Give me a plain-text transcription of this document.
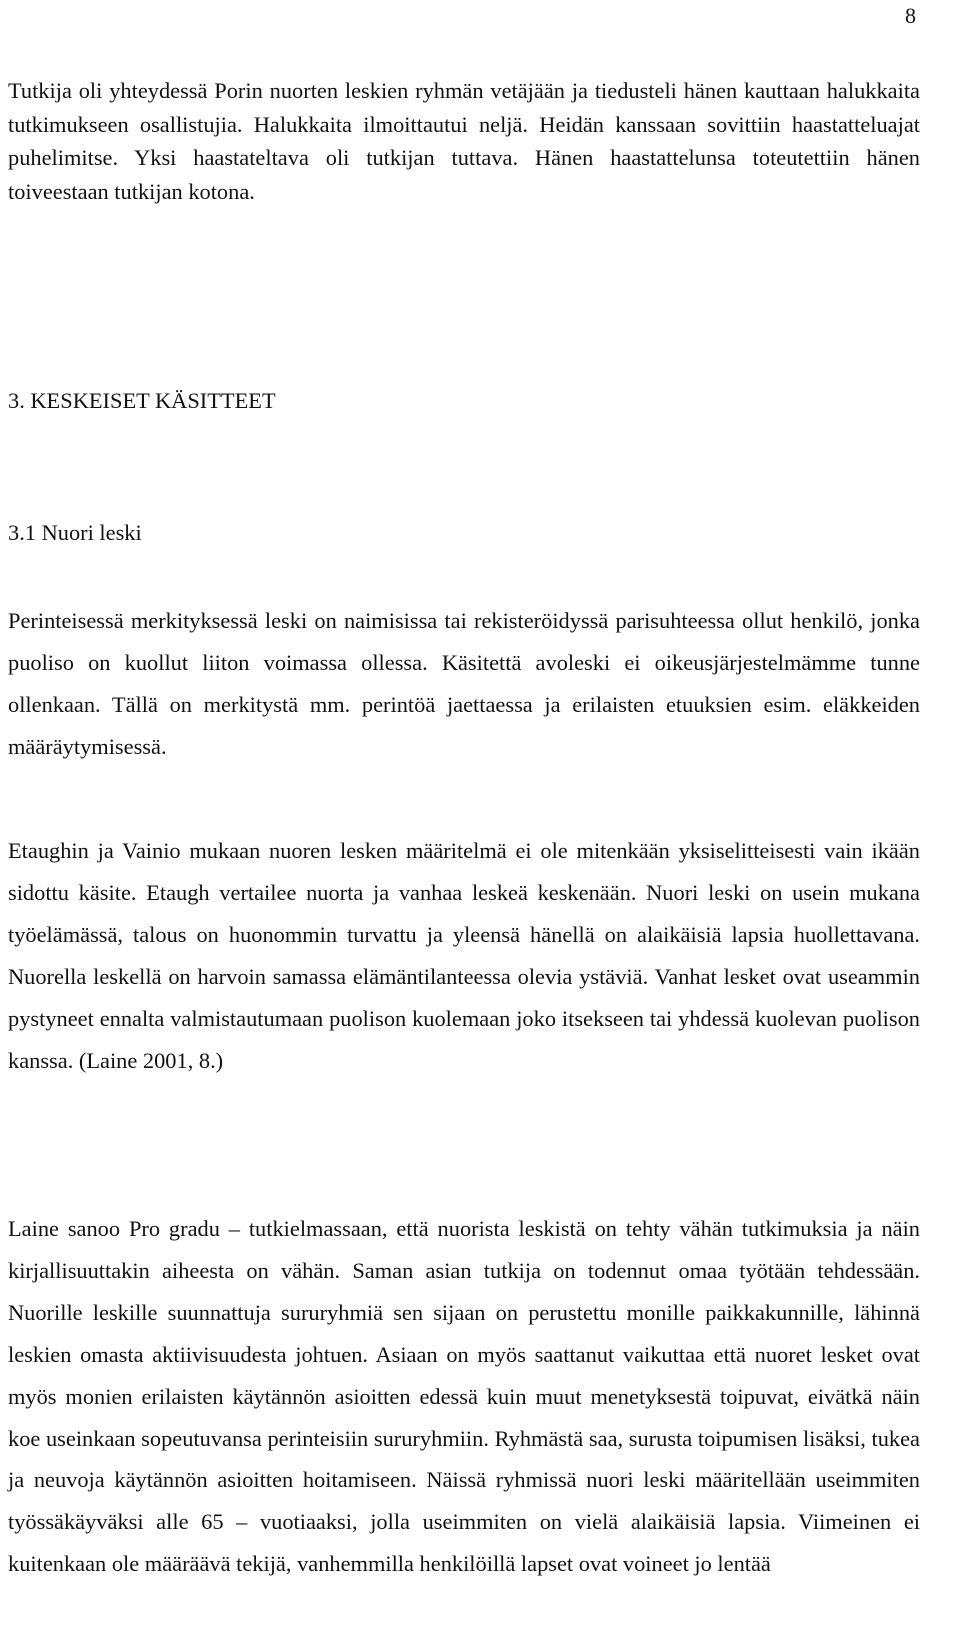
8

Tutkija oli yhteydessä Porin nuorten leskien ryhmän vetäjään ja tiedusteli hänen kauttaan halukkaita tutkimukseen osallistujia. Halukkaita ilmoittautui neljä. Heidän kanssaan sovittiin haastatteluajat puhelimitse. Yksi haastateltava oli tutkijan tuttava. Hänen haastattelunsa toteutettiin hänen toiveestaan tutkijan kotona.

3. KESKEISET KÄSITTEET
3.1 Nuori leski

Perinteisessä merkityksessä leski on naimisissa tai rekisteröidyssä parisuhteessa ollut henkilö, jonka puoliso on kuollut liiton voimassa ollessa. Käsitettä avoleski ei oikeusjärjestelmämme tunne ollenkaan. Tällä on merkitystä mm. perintöä jaettaessa ja erilaisten etuuksien esim. eläkkeiden määräytymisessä.

Etaughin ja Vainio mukaan nuoren lesken määritelmä ei ole mitenkään yksiselitteisesti vain ikään sidottu käsite. Etaugh vertailee nuorta ja vanhaa leskeä keskenään. Nuori leski on usein mukana työelämässä, talous on huonommin turvattu ja yleensä hänellä on alaikäisiä lapsia huollettavana. Nuorella leskellä on harvoin samassa elämäntilanteessa olevia ystäviä. Vanhat lesket ovat useammin pystyneet ennalta valmistautumaan puolison kuolemaan joko itsekseen tai yhdessä kuolevan puolison kanssa. (Laine 2001, 8.)

Laine sanoo Pro gradu – tutkielmassaan, että nuorista leskistä on tehty vähän tutkimuksia ja näin kirjallisuuttakin aiheesta on vähän. Saman asian tutkija on todennut omaa työtään tehdessään. Nuorille leskille suunnattuja sururyhmiä sen sijaan on perustettu monille paikkakunnille, lähinnä leskien omasta aktiivisuudesta johtuen. Asiaan on myös saattanut vaikuttaa että nuoret lesket ovat myös monien erilaisten käytännön asioitten edessä kuin muut menetyksestä toipuvat, eivätkä näin koe useinkaan sopeutuvansa perinteisiin sururyhmiin. Ryhmästä saa, surusta toipumisen lisäksi, tukea ja neuvoja käytännön asioitten hoitamiseen. Näissä ryhmissä nuori leski määritellään useimmiten työssäkäyväksi alle 65 – vuotiaaksi, jolla useimmiten on vielä alaikäisiä lapsia. Viimeinen ei kuitenkaan ole määräävä tekijä, vanhemmilla henkilöillä lapset ovat voineet jo lentää
